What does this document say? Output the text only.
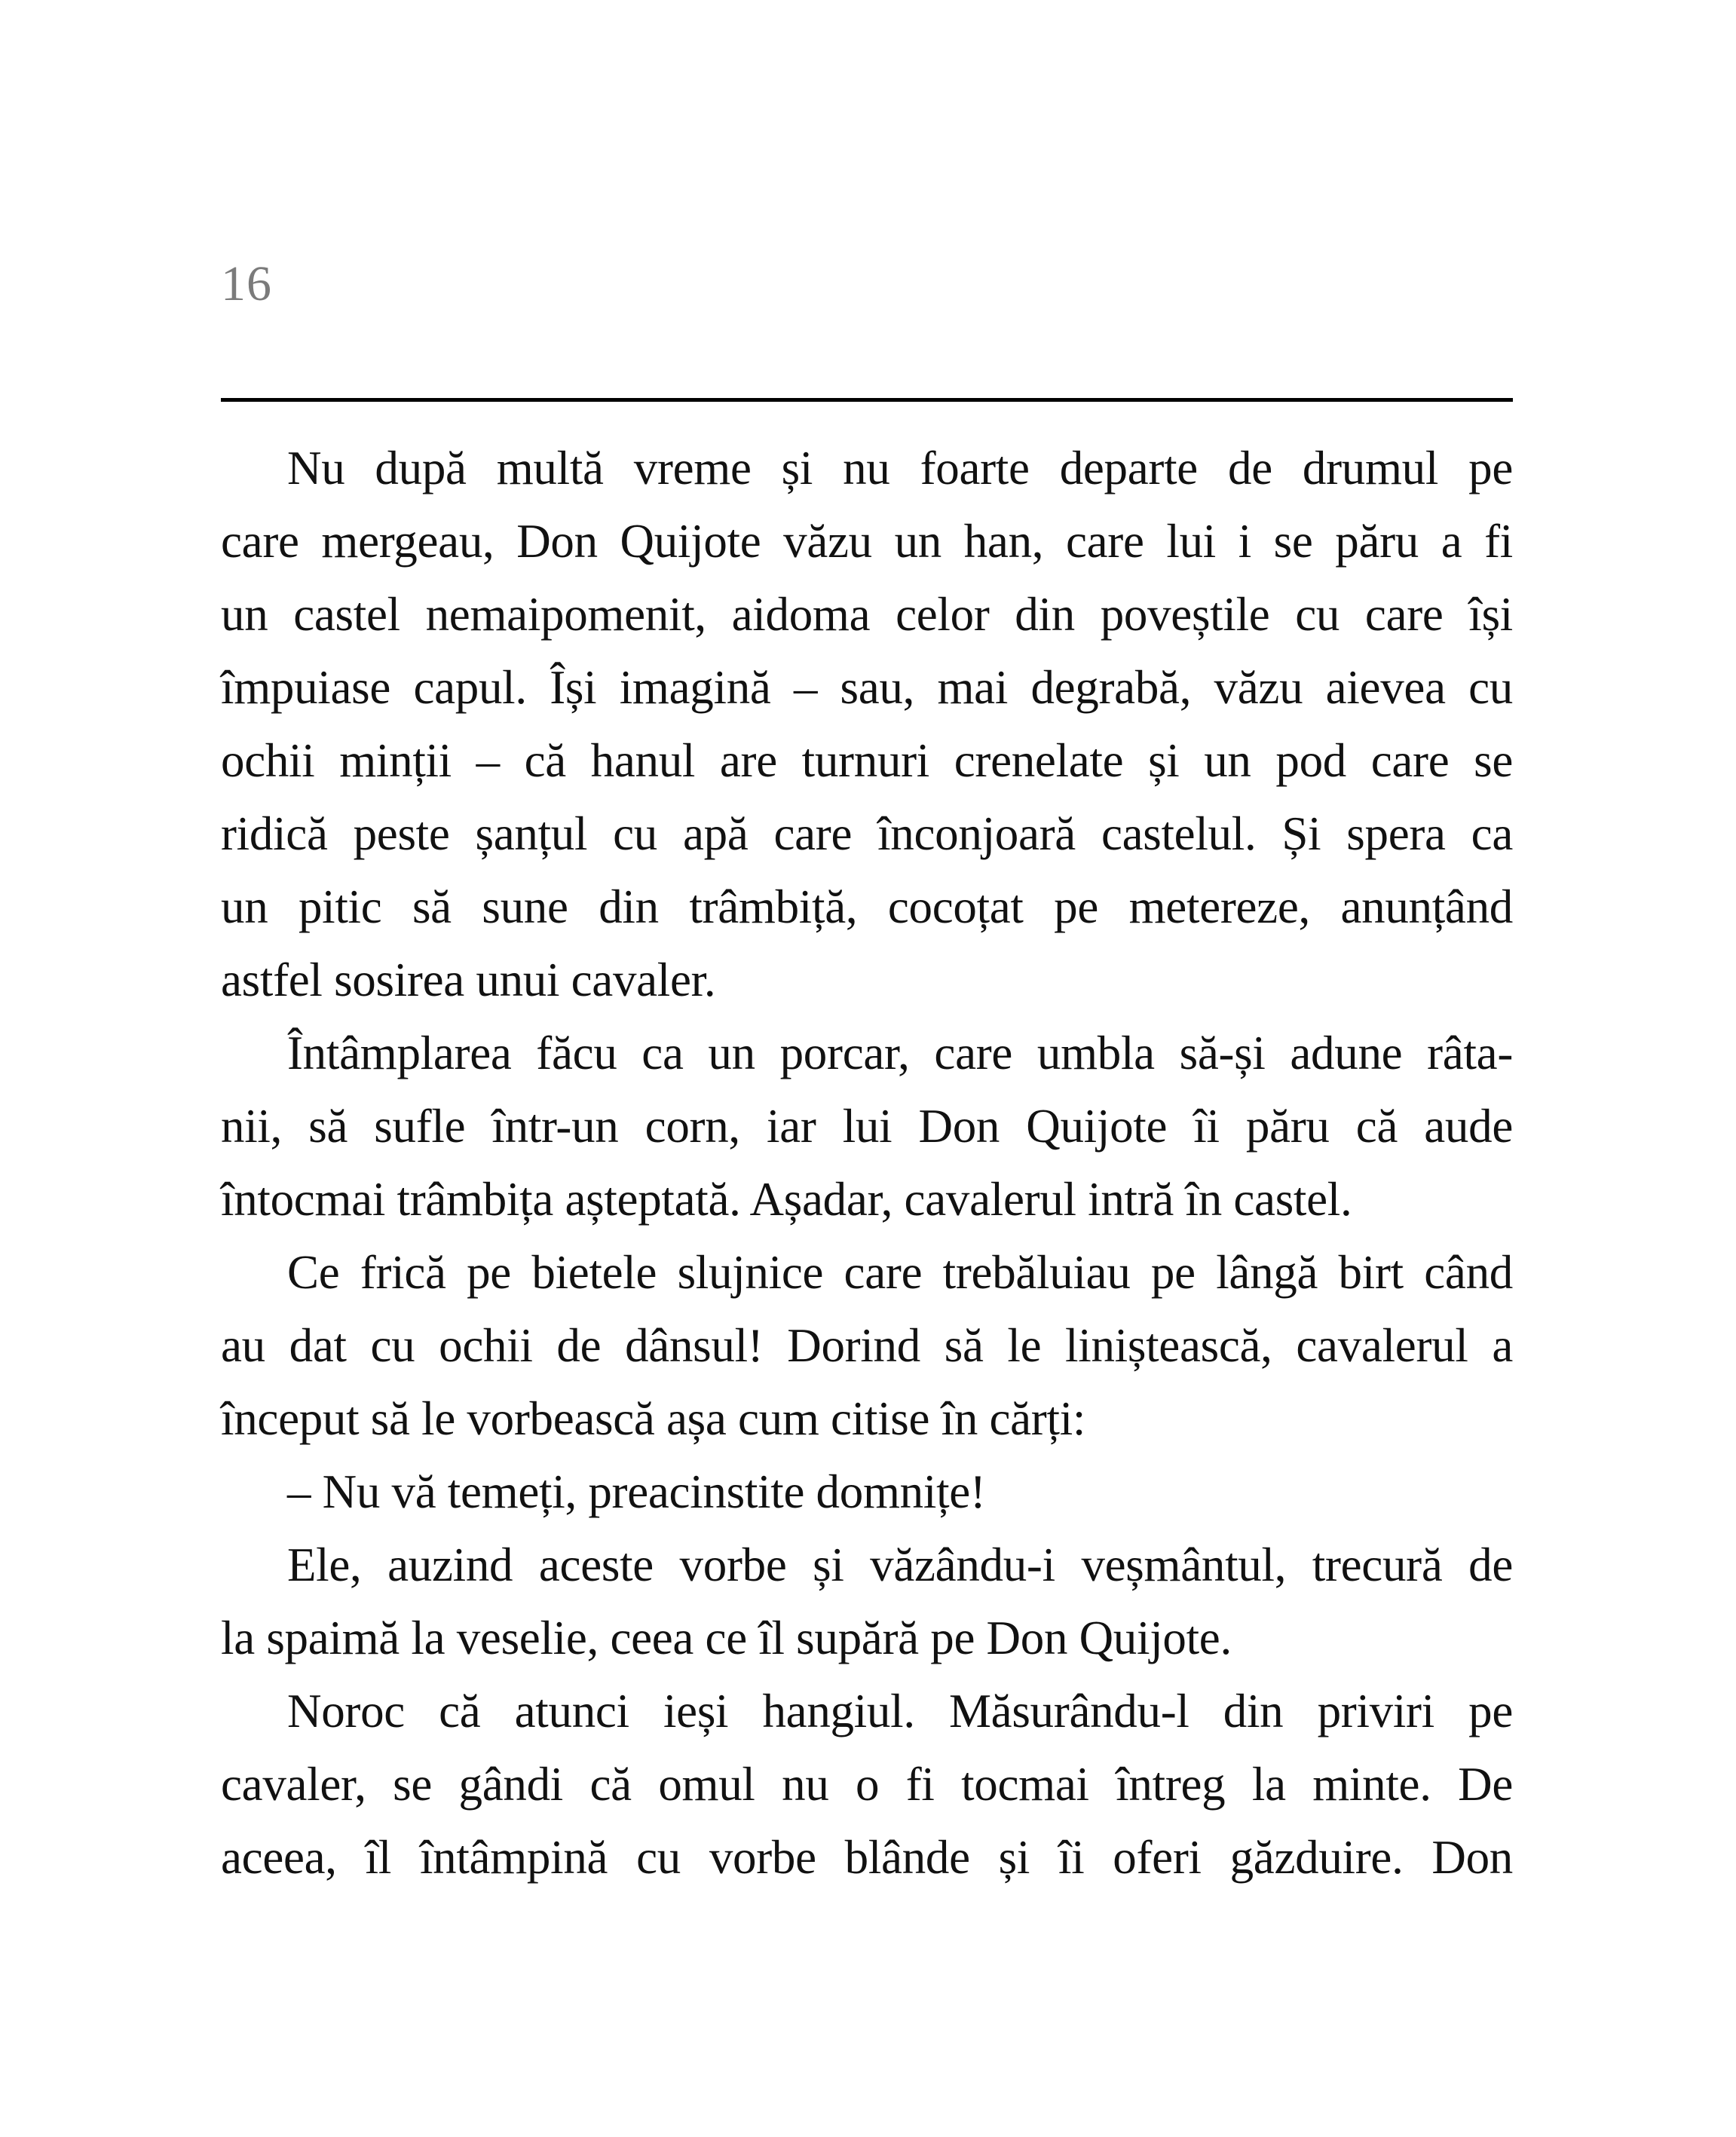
16
Nu după multă vreme și nu foarte departe de drumul pe
care mergeau, Don Quijote văzu un han, care lui i se păru a fi
un castel nemaipomenit, aidoma celor din poveștile cu care își
împuiase capul. Își imagină – sau, mai degrabă, văzu aievea cu
ochii minții – că hanul are turnuri crenelate și un pod care se
ridică peste șanțul cu apă care înconjoară castelul. Și spera ca
un pitic să sune din trâmbiță, cocoțat pe metereze, anunțând
astfel sosirea unui cavaler.
Întâmplarea făcu ca un porcar, care umbla să-și adune râta-
nii, să sufle într-un corn, iar lui Don Quijote îi păru că aude
întocmai trâmbița așteptată. Așadar, cavalerul intră în castel.
Ce frică pe bietele slujnice care trebăluiau pe lângă birt când
au dat cu ochii de dânsul! Dorind să le liniștească, cavalerul a
început să le vorbească așa cum citise în cărți:
– Nu vă temeți, preacinstite domnițe!
Ele, auzind aceste vorbe și văzându-i veșmântul, trecură de
la spaimă la veselie, ceea ce îl supără pe Don Quijote.
Noroc că atunci ieși hangiul. Măsurându-l din priviri pe
cavaler, se gândi că omul nu o fi tocmai întreg la minte. De
aceea, îl întâmpină cu vorbe blânde și îi oferi găzduire. Don
